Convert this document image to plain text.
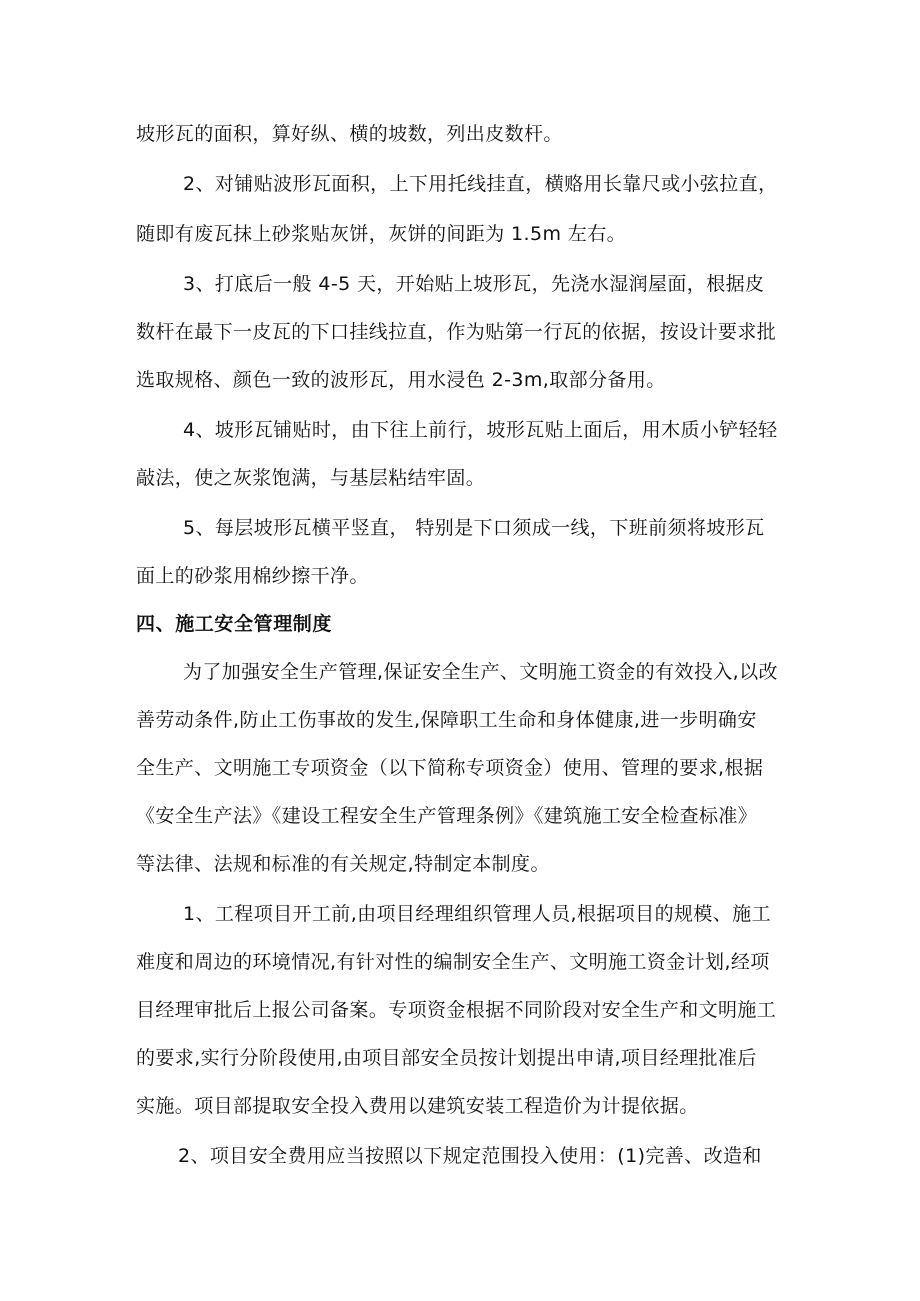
坡形瓦的面积，算好纵、横的坡数，列出皮数杆。
2、对铺贴波形瓦面积，上下用托线挂直，横赂用长靠尺或小弦拉直，
随即有废瓦抹上砂浆贴灰饼，灰饼的间距为 1.5m 左右。
3、打底后一般 4-5 天，开始贴上坡形瓦，先浇水湿润屋面，根据皮
数杆在最下一皮瓦的下口挂线拉直，作为贴第一行瓦的依据，按设计要求批
选取规格、颜色一致的波形瓦，用水浸色 2-3m,取部分备用。
4、坡形瓦铺贴时，由下往上前行，坡形瓦贴上面后，用木质小铲轻轻
敲法，使之灰浆饱满，与基层粘结牢固。
5、每层坡形瓦横平竖直， 特别是下口须成一线，下班前须将坡形瓦
面上的砂浆用棉纱擦干净。
四、施工安全管理制度
为了加强安全生产管理,保证安全生产、文明施工资金的有效投入,以改
善劳动条件,防止工伤事故的发生,保障职工生命和身体健康,进一步明确安
全生产、文明施工专项资金（以下简称专项资金）使用、管理的要求,根据
《安全生产法》《建设工程安全生产管理条例》《建筑施工安全检查标准》
等法律、法规和标准的有关规定,特制定本制度。
1、工程项目开工前,由项目经理组织管理人员,根据项目的规模、施工
难度和周边的环境情况,有针对性的编制安全生产、文明施工资金计划,经项
目经理审批后上报公司备案。专项资金根据不同阶段对安全生产和文明施工
的要求,实行分阶段使用,由项目部安全员按计划提出申请,项目经理批准后
实施。项目部提取安全投入费用以建筑安装工程造价为计提依据。
2、项目安全费用应当按照以下规定范围投入使用：(1)完善、改造和
